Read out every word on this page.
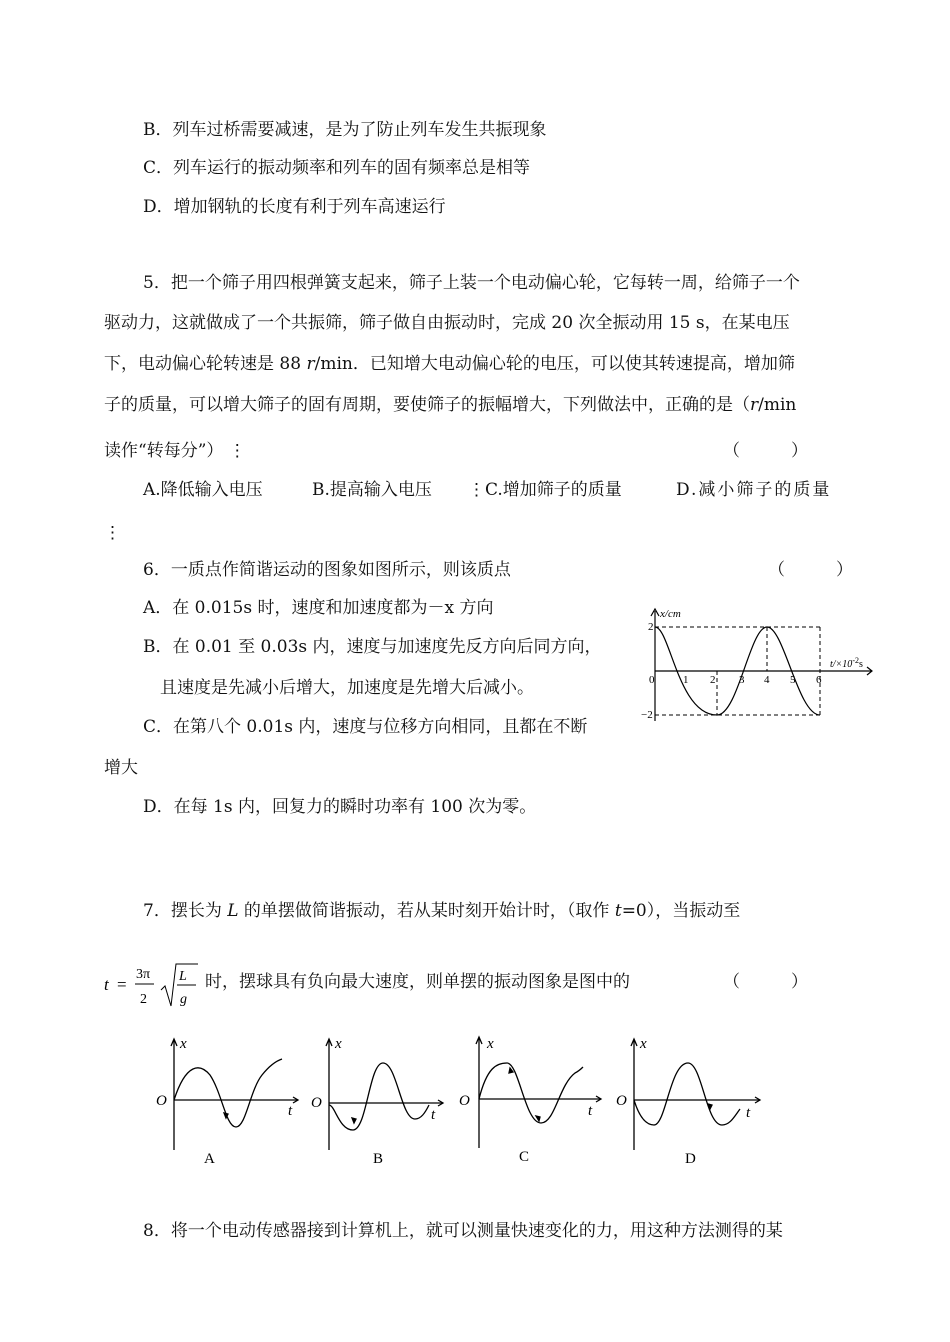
B．列车过桥需要减速，是为了防止列车发生共振现象
C．列车运行的振动频率和列车的固有频率总是相等
D．增加钢轨的长度有利于列车高速运行
5．把一个筛子用四根弹簧支起来，筛子上装一个电动偏心轮，它每转一周，给筛子一个
驱动力，这就做成了一个共振筛，筛子做自由振动时，完成 20 次全振动用 15 s，在某电压
下，电动偏心轮转速是 88 r/min．已知增大电动偏心轮的电压，可以使其转速提高，增加筛
子的质量，可以增大筛子的固有周期，要使筛子的振幅增大，下列做法中，正确的是（r/min
读作“转每分”） ⋮	（　　　）
A.降低输入电压	B.提高输入电压 ⋮C.增加筛子的质量	D.减小筛子的质量
⋮
6．一质点作简谐运动的图象如图所示，则该质点	（　　　）
A．在 0.015s 时，速度和加速度都为－x 方向
B．在 0.01 至 0.03s 内，速度与加速度先反方向后同方向，
且速度是先减小后增大，加速度是先增大后减小。
C．在第八个 0.01s 内，速度与位移方向相同，且都在不断
增大
D．在每 1s 内，回复力的瞬时功率有 100 次为零。
x/cm
2
−2
0	1 2 3 4 5 6
$t/\times 10^{-2}s$
7．摆长为 L 的单摆做简谐振动，若从某时刻开始计时，（取作 t=0），当振动至
t =
3π
2
L
g
时，摆球具有负向最大速度，则单摆的振动图象是图中的	（　　　）
x
t
O
A
x
t
O
B
x
t
O
C
x
t
O
D
8．将一个电动传感器接到计算机上，就可以测量快速变化的力，用这种方法测得的某
